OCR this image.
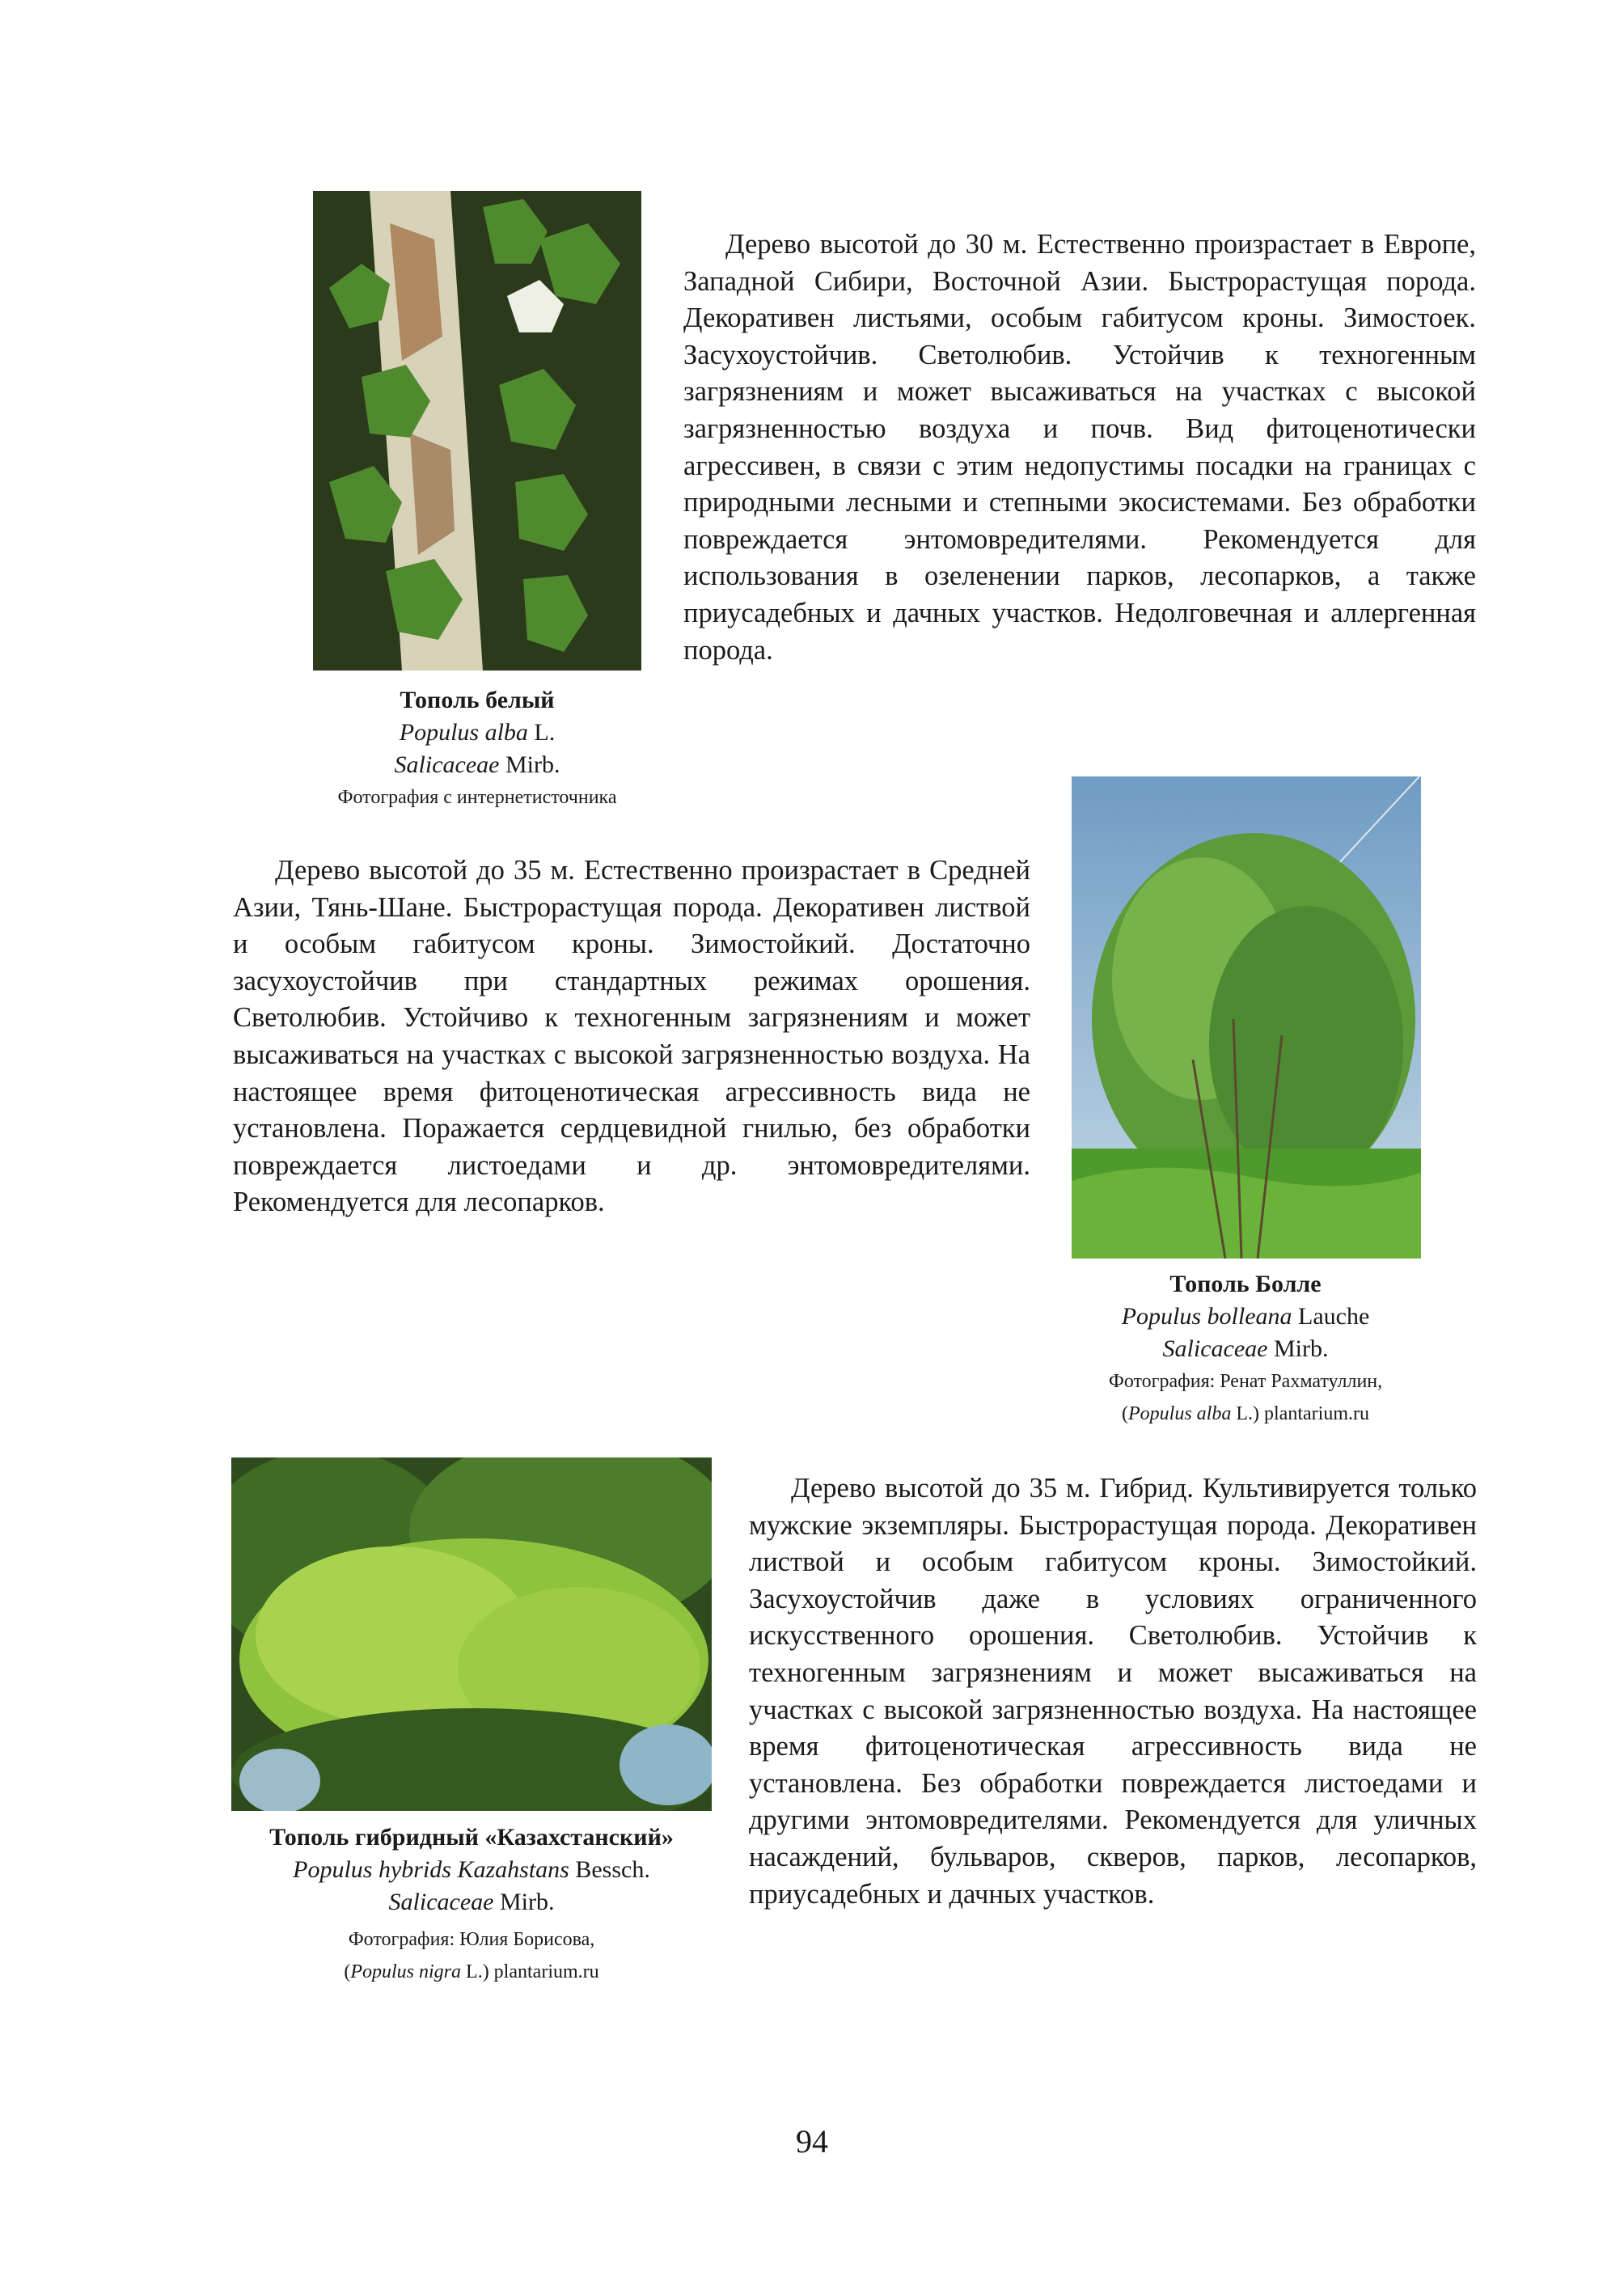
Дерево высотой до 30 м. Естественно произрастает в Европе, Западной Сибири, Восточной Азии. Быстрорастущая порода. Декоративен листьями, особым габитусом кроны. Зимостоек. Засухоустойчив. Светолюбив. Устойчив к техногенным загрязнениям и может высаживаться на участках с высокой загрязненностью воздуха и почв. Вид фитоценотически агрессивен, в связи с этим недопустимы посадки на границах с природными лесными и степными экосистемами. Без обработки повреждается энтомовредителями. Рекомендуется для использования в озеленении парков, лесопарков, а также приусадебных и дачных участков. Недолговечная и аллергенная порода.

Тополь белый
Populus alba L.
Salicaceae Mirb.
Фотография с интернетисточника

Дерево высотой до 35 м. Естественно произрастает в Средней Азии, Тянь-Шане. Быстрорастущая порода. Декоративен листвой и особым габитусом кроны. Зимостойкий. Достаточно засухоустойчив при стандартных режимах орошения. Светолюбив. Устойчиво к техногенным загрязнениям и может высаживаться на участках с высокой загрязненностью воздуха. На настоящее время фитоценотическая агрессивность вида не установлена. Поражается сердцевидной гнилью, без обработки повреждается листоедами и др. энтомовредителями. Рекомендуется для лесопарков.

Тополь Болле
Populus bolleana Lauche
Salicaceae Mirb.
Фотография: Ренат Рахматуллин,
(Populus alba L.) plantarium.ru

Дерево высотой до 35 м. Гибрид. Культивируется только мужские экземпляры. Быстрорастущая порода. Декоративен листвой и особым габитусом кроны. Зимостойкий. Засухоустойчив даже в условиях ограниченного искусственного орошения. Светолюбив. Устойчив к техногенным загрязнениям и может высаживаться на участках с высокой загрязненностью воздуха. На настоящее время фитоценотическая агрессивность вида не установлена. Без обработки повреждается листоедами и другими энтомовредителями. Рекомендуется для уличных насаждений, бульваров, скверов, парков, лесопарков, приусадебных и дачных участков.

Тополь гибридный «Казахстанский»
Populus hybrids Kazahstans Bessch.
Salicaceae Mirb.
Фотография: Юлия Борисова,
(Populus nigra L.) plantarium.ru
94
